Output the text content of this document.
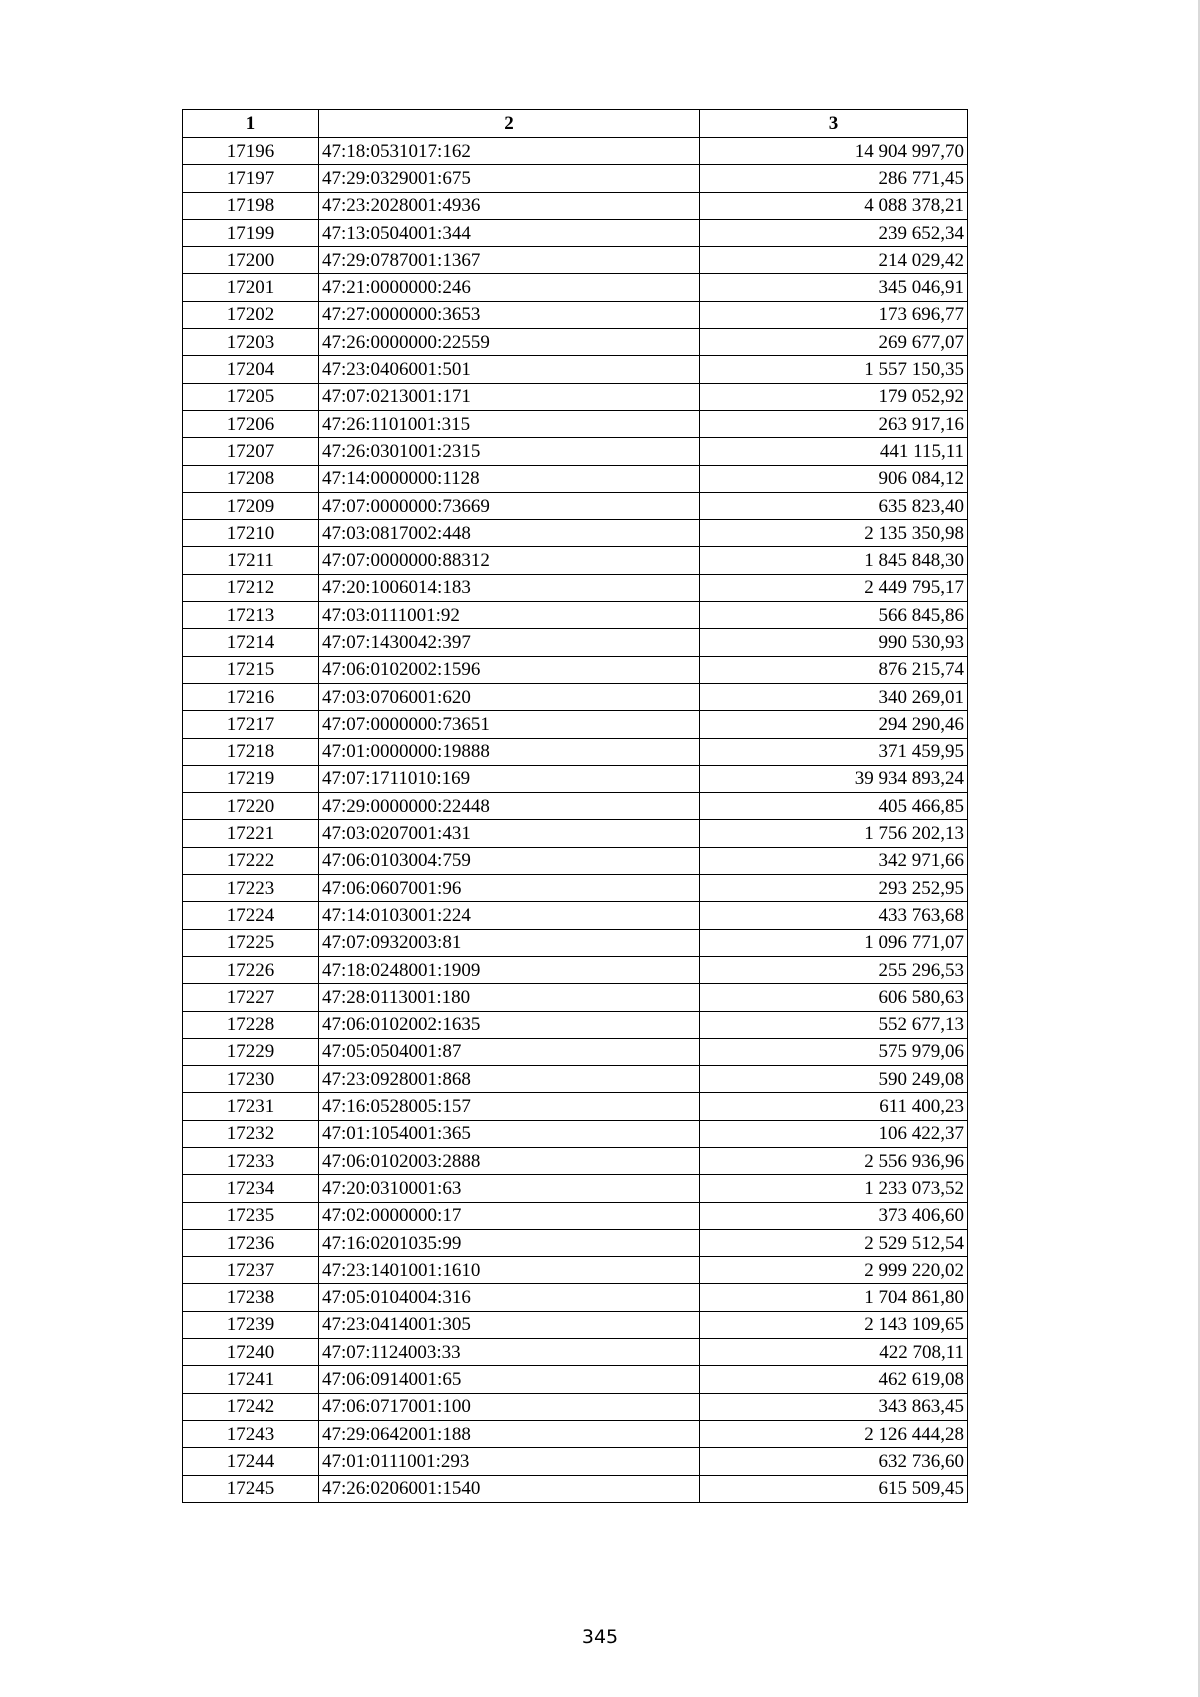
1	2	3
17196	47:18:0531017:162	14 904 997,70
17197	47:29:0329001:675	286 771,45
17198	47:23:2028001:4936	4 088 378,21
17199	47:13:0504001:344	239 652,34
17200	47:29:0787001:1367	214 029,42
17201	47:21:0000000:246	345 046,91
17202	47:27:0000000:3653	173 696,77
17203	47:26:0000000:22559	269 677,07
17204	47:23:0406001:501	1 557 150,35
17205	47:07:0213001:171	179 052,92
17206	47:26:1101001:315	263 917,16
17207	47:26:0301001:2315	441 115,11
17208	47:14:0000000:1128	906 084,12
17209	47:07:0000000:73669	635 823,40
17210	47:03:0817002:448	2 135 350,98
17211	47:07:0000000:88312	1 845 848,30
17212	47:20:1006014:183	2 449 795,17
17213	47:03:0111001:92	566 845,86
17214	47:07:1430042:397	990 530,93
17215	47:06:0102002:1596	876 215,74
17216	47:03:0706001:620	340 269,01
17217	47:07:0000000:73651	294 290,46
17218	47:01:0000000:19888	371 459,95
17219	47:07:1711010:169	39 934 893,24
17220	47:29:0000000:22448	405 466,85
17221	47:03:0207001:431	1 756 202,13
17222	47:06:0103004:759	342 971,66
17223	47:06:0607001:96	293 252,95
17224	47:14:0103001:224	433 763,68
17225	47:07:0932003:81	1 096 771,07
17226	47:18:0248001:1909	255 296,53
17227	47:28:0113001:180	606 580,63
17228	47:06:0102002:1635	552 677,13
17229	47:05:0504001:87	575 979,06
17230	47:23:0928001:868	590 249,08
17231	47:16:0528005:157	611 400,23
17232	47:01:1054001:365	106 422,37
17233	47:06:0102003:2888	2 556 936,96
17234	47:20:0310001:63	1 233 073,52
17235	47:02:0000000:17	373 406,60
17236	47:16:0201035:99	2 529 512,54
17237	47:23:1401001:1610	2 999 220,02
17238	47:05:0104004:316	1 704 861,80
17239	47:23:0414001:305	2 143 109,65
17240	47:07:1124003:33	422 708,11
17241	47:06:0914001:65	462 619,08
17242	47:06:0717001:100	343 863,45
17243	47:29:0642001:188	2 126 444,28
17244	47:01:0111001:293	632 736,60
17245	47:26:0206001:1540	615 509,45
345
